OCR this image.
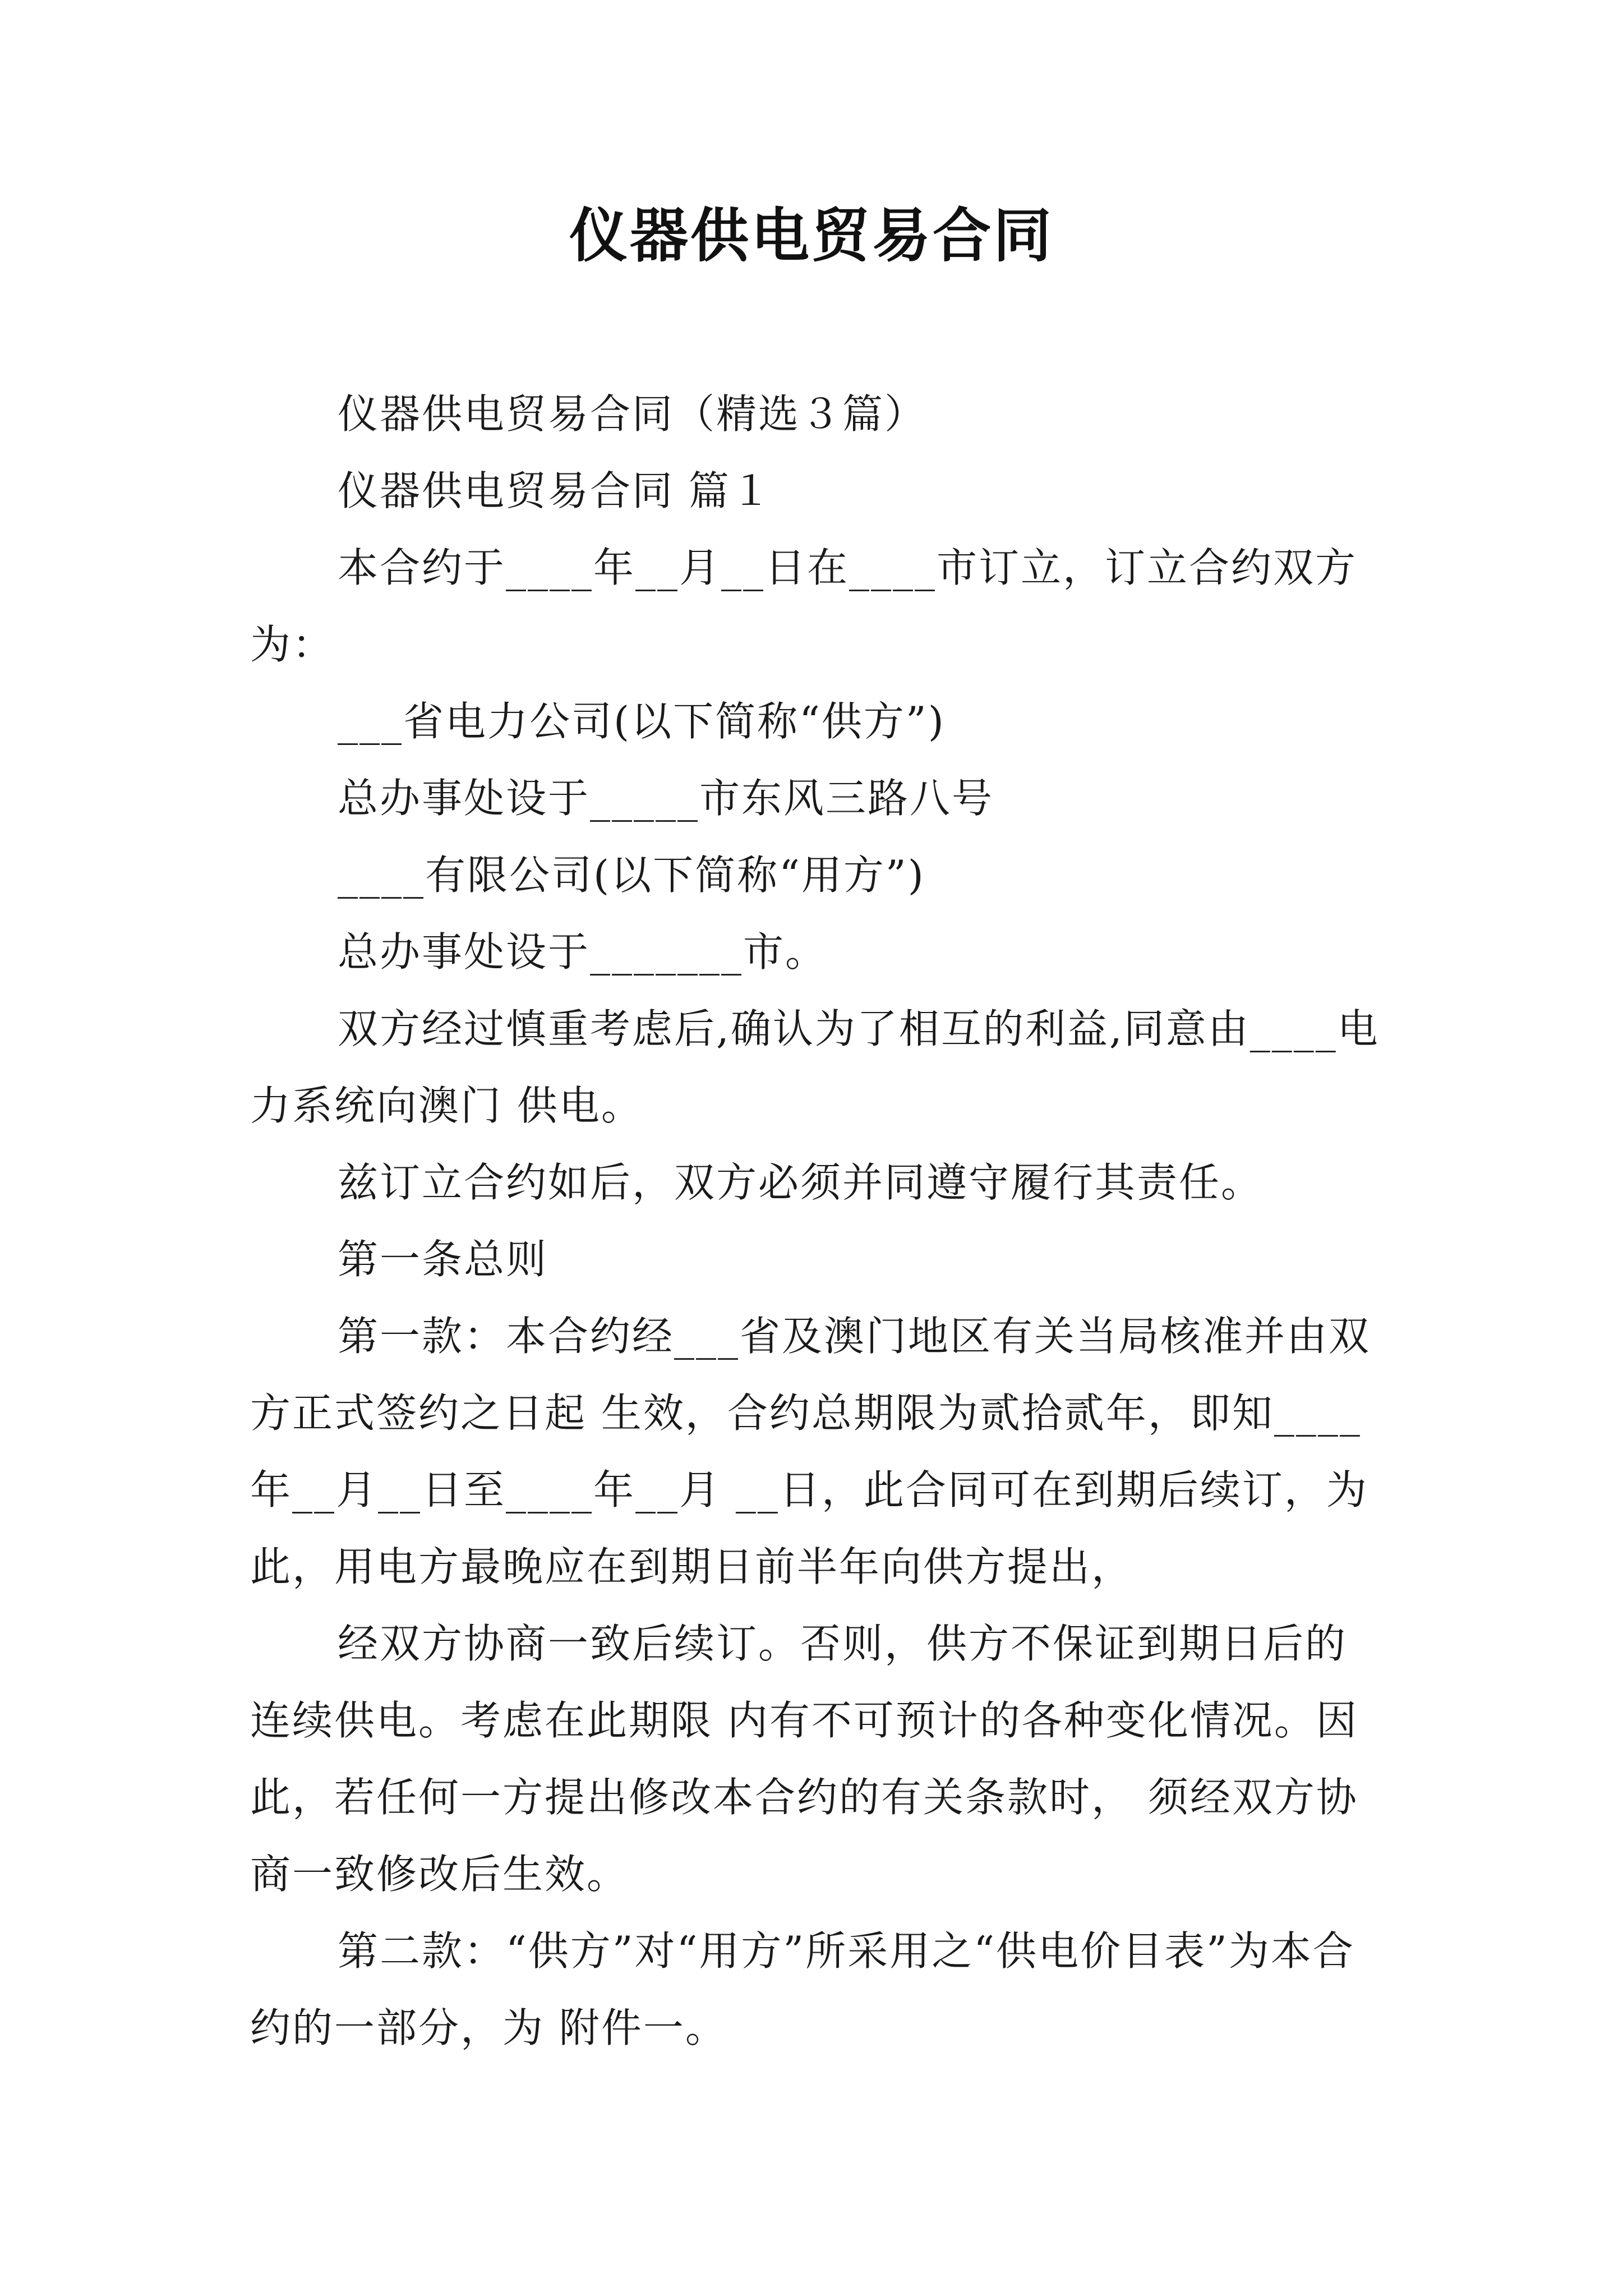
仪器供电贸易合同

仪器供电贸易合同（精选３篇）

仪器供电贸易合同 篇１

本合约于____年__月__日在____市订立，订立合约双方为：

___省电力公司(以下简称“供方”)

总办事处设于_____市东风三路八号

____有限公司(以下简称“用方”)

总办事处设于_______市。

双方经过慎重考虑后,确认为了相互的利益,同意由____电力系统向澳门 供电。

兹订立合约如后，双方必须并同遵守履行其责任。

第一条总则

第一款：本合约经___省及澳门地区有关当局核准并由双方正式签约之日起 生效，合约总期限为贰拾贰年，即知____年__月__日至____年__月 __日，此合同可在到期后续订，为此，用电方最晚应在到期日前半年向供方提出，

经双方协商一致后续订。否则，供方不保证到期日后的连续供电。考虑在此期限 内有不可预计的各种变化情况。因此，若任何一方提出修改本合约的有关条款时， 须经双方协商一致修改后生效。

第二款：“供方”对“用方”所采用之“供电价目表”为本合约的一部分，为 附件一。
